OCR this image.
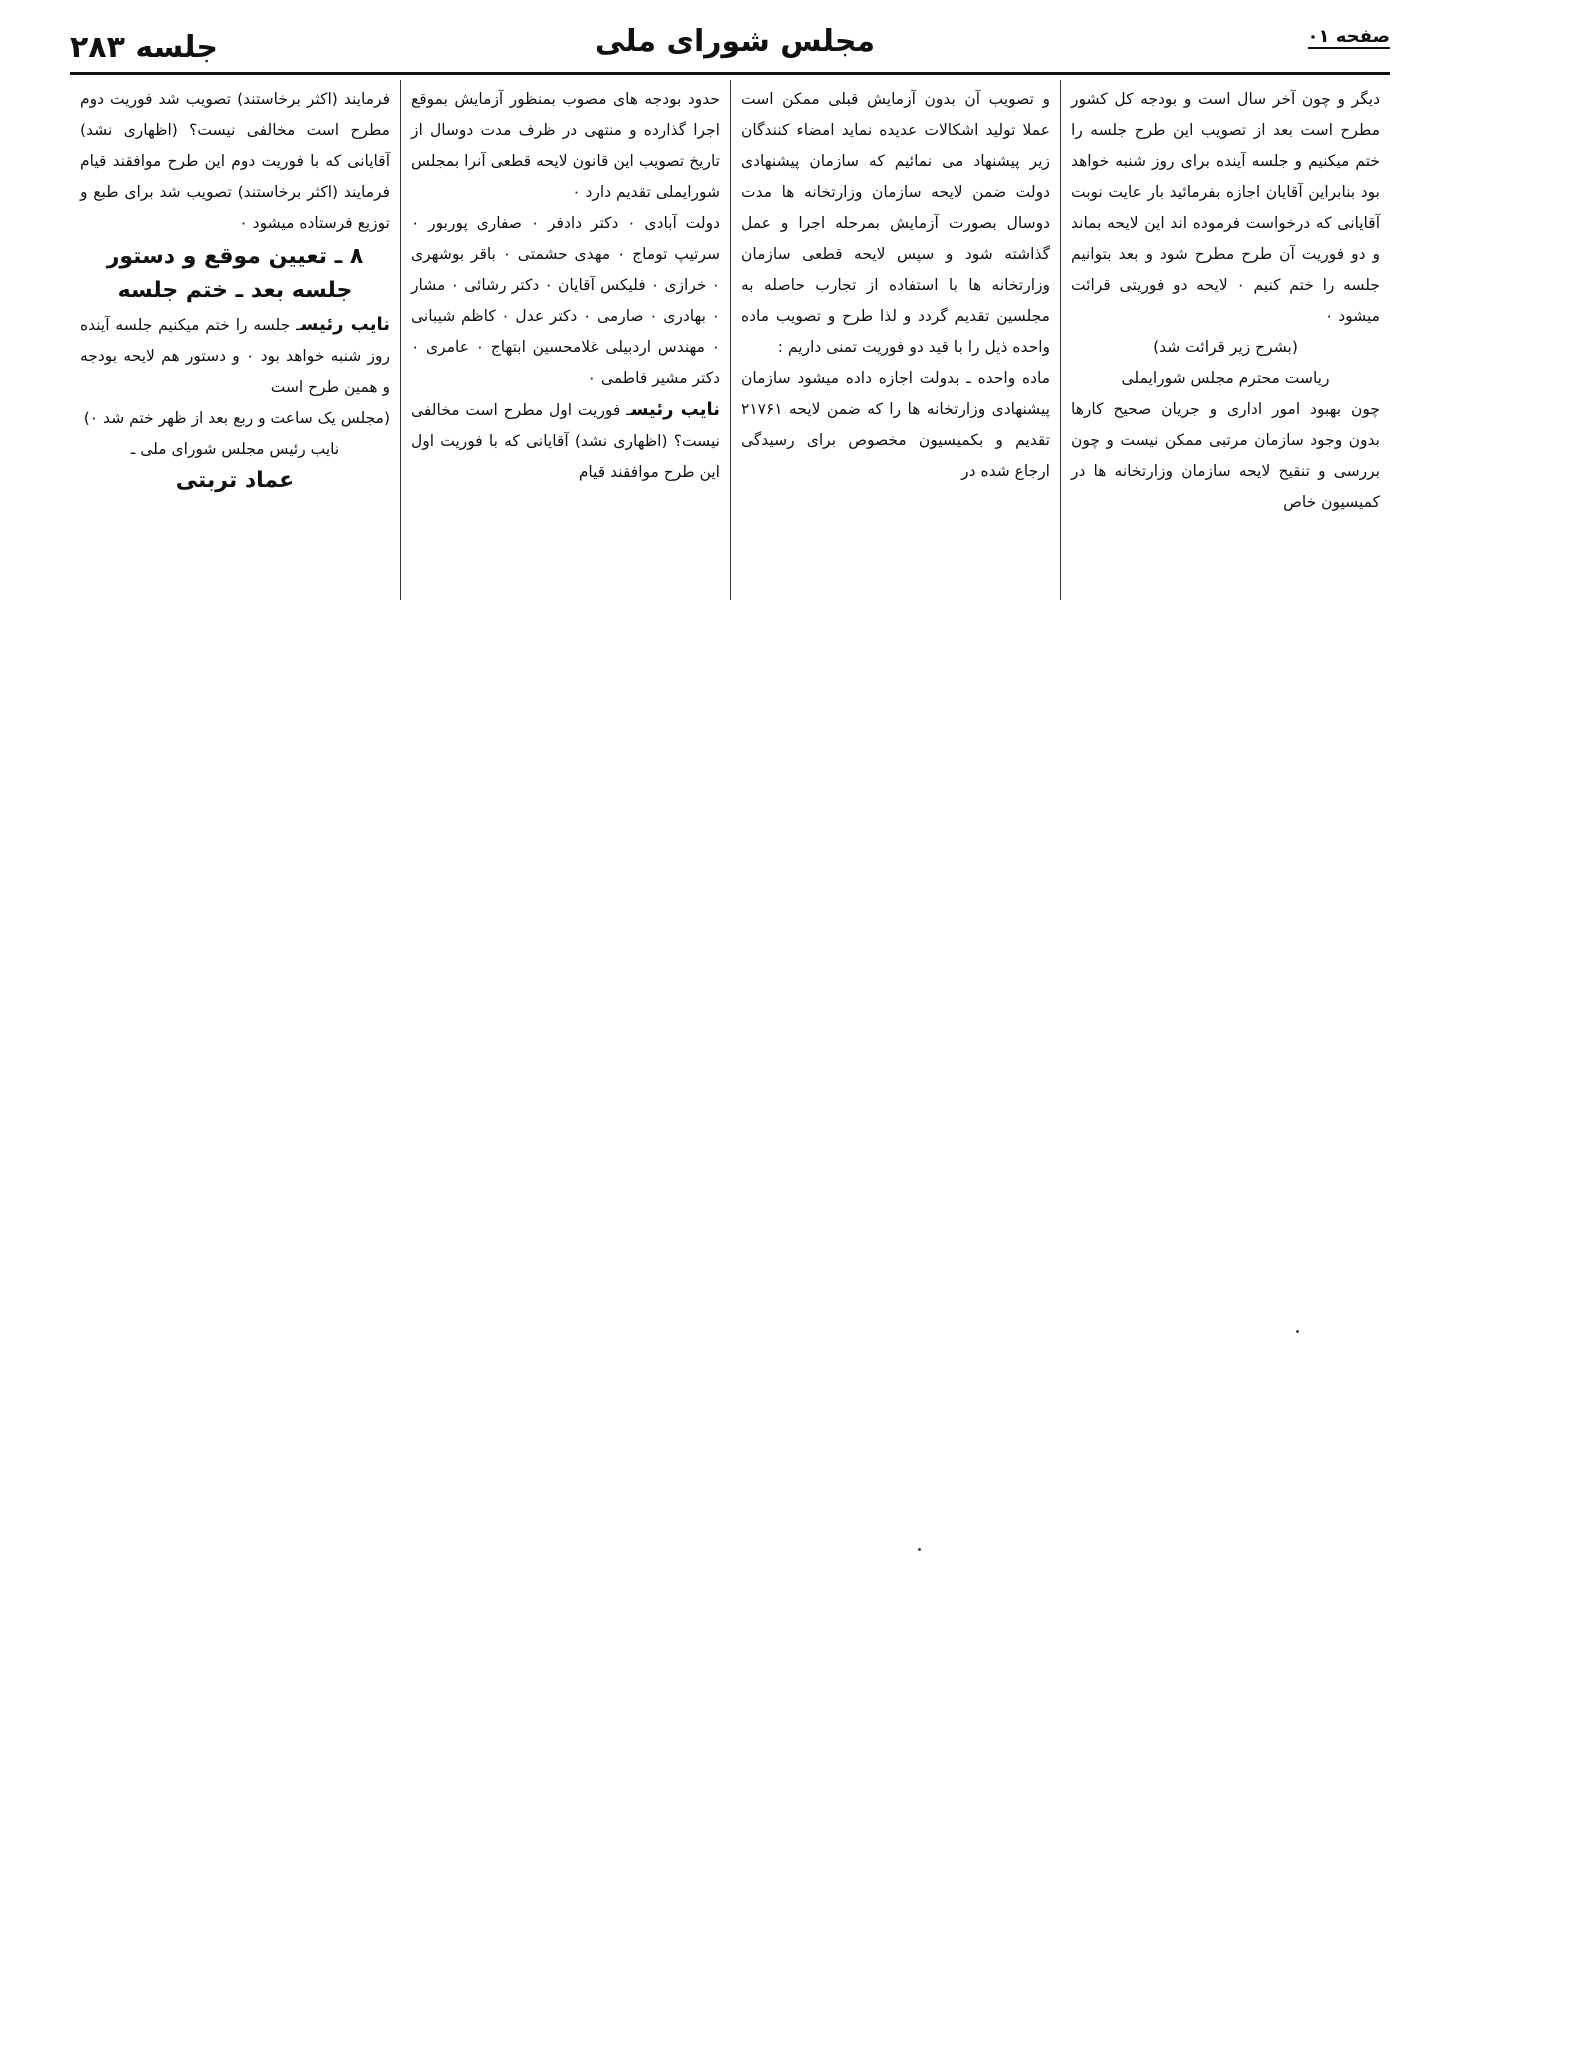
صفحه ۰۱
مجلس شورای ملی
جلسه ۲۸۳

دیگر و چون آخر سال است و بودجه کل کشور مطرح است بعد از تصویب این طرح جلسه را ختم میکنیم و جلسه آینده برای روز شنبه خواهد بود بنابراین آقایان اجازه بفرمائید بار عایت نوبت آقایانی که درخواست فرموده اند این لایحه بماند و دو فوریت آن طرح مطرح شود و بعد بتوانیم جلسه را ختم کنیم ۰ لایحه دو فوریتی قرائت میشود ۰

(بشرح زیر قرائت شد)

ریاست محترم مجلس شورایملی

چون بهبود امور اداری و جریان صحیح کارها بدون وجود سازمان مرتبی ممکن نیست و چون بررسی و تنقیح لایحه سازمان وزارتخانه ها در کمیسیون خاص

و تصویب آن بدون آزمایش قبلی ممکن است عملا تولید اشکالات عدیده نماید امضاء کنندگان زیر پیشنهاد می نمائیم که سازمان پیشنهادی دولت ضمن لایحه سازمان وزارتخانه ها مدت دوسال بصورت آزمایش بمرحله اجرا و عمل گذاشته شود و سپس لایحه قطعی سازمان وزارتخانه ها با استفاده از تجارب حاصله به مجلسین تقدیم گردد و لذا طرح و تصویب ماده واحده ذیل را با قید دو فوریت تمنی داریم :

ماده واحده ـ بدولت اجازه داده میشود سازمان پیشنهادی وزارتخانه ها را که ضمن لایحه ۲۱۷۶۱ تقدیم و بکمیسیون مخصوص برای رسیدگی ارجاع شده در

حدود بودجه های مصوب بمنظور آزمایش بموقع اجرا گذارده و منتهی در ظرف مدت دوسال از تاریخ تصویب این قانون لایحه قطعی آنرا بمجلس شورایملی تقدیم دارد ۰

دولت آبادی ۰ دکتر دادفر ۰ صفاری پوربور ۰ سرتیپ توماج ۰ مهدی حشمتی ۰ باقر بوشهری ۰ خرازی ۰ فلیکس آقایان ۰ دکتر رشائی ۰ مشار ۰ بهادری ۰ صارمی ۰ دکتر عدل ۰ کاظم شیبانی ۰ مهندس اردبیلی غلامحسین ابتهاج ۰ عامری ۰ دکتر مشیر فاطمی ۰

نایب رئیسـ فوریت اول مطرح است مخالفی نیست؟ (اظهاری نشد) آقایانی که با فوریت اول این طرح موافقند قیام

فرمایند (اکثر برخاستند) تصویب شد فوریت دوم مطرح است مخالفی نیست؟ (اظهاری نشد) آقایانی که با فوریت دوم این طرح موافقند قیام فرمایند (اکثر برخاستند) تصویب شد برای طبع و توزیع فرستاده میشود ۰

۸ ـ تعیین موقع و دستور

جلسه بعد ـ ختم جلسه

نایب رئیسـ جلسه را ختم میکنیم جلسه آینده روز شنبه خواهد بود ۰ و دستور هم لایحه بودجه و همین طرح است

(مجلس یک ساعت و ربع بعد از ظهر ختم شد ۰)

نایب رئیس مجلس شورای ملی ـ

عماد تربتی
